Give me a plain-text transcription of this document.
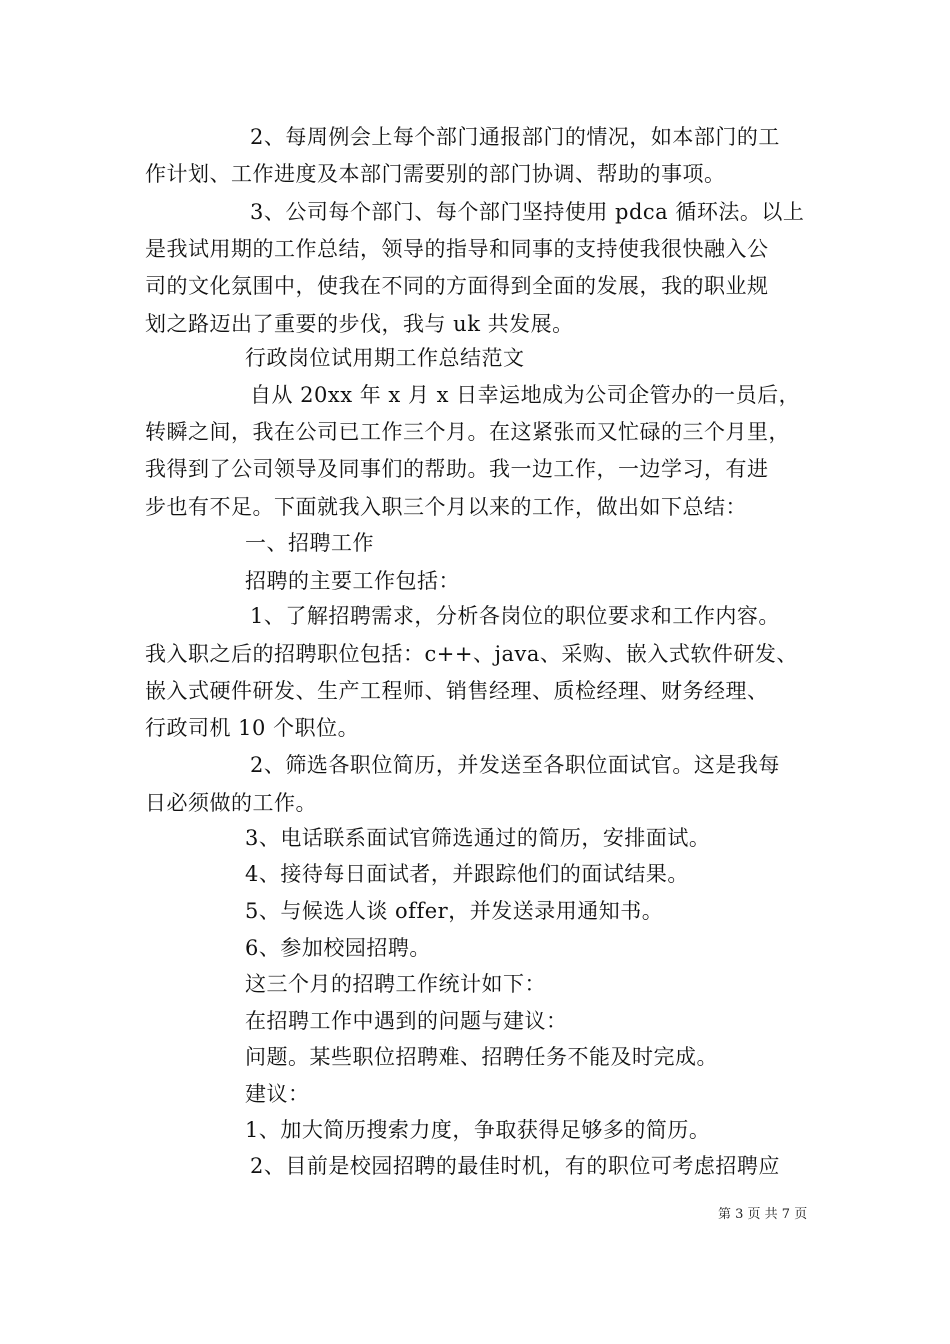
2、每周例会上每个部门通报部门的情况，如本部门的工
作计划、工作进度及本部门需要别的部门协调、帮助的事项。
3、公司每个部门、每个部门坚持使用 pdca 循环法。以上
是我试用期的工作总结，领导的指导和同事的支持使我很快融入公
司的文化氛围中，使我在不同的方面得到全面的发展，我的职业规
划之路迈出了重要的步伐，我与 uk 共发展。
行政岗位试用期工作总结范文
自从 20xx 年 x 月 x 日幸运地成为公司企管办的一员后，
转瞬之间，我在公司已工作三个月。在这紧张而又忙碌的三个月里，
我得到了公司领导及同事们的帮助。我一边工作，一边学习，有进
步也有不足。下面就我入职三个月以来的工作，做出如下总结：
一、招聘工作
招聘的主要工作包括：
1、了解招聘需求，分析各岗位的职位要求和工作内容。
我入职之后的招聘职位包括：c++、java、采购、嵌入式软件研发、
嵌入式硬件研发、生产工程师、销售经理、质检经理、财务经理、
行政司机 10 个职位。
2、筛选各职位简历，并发送至各职位面试官。这是我每
日必须做的工作。
3、电话联系面试官筛选通过的简历，安排面试。
4、接待每日面试者，并跟踪他们的面试结果。
5、与候选人谈 offer，并发送录用通知书。
6、参加校园招聘。
这三个月的招聘工作统计如下：
在招聘工作中遇到的问题与建议：
问题。某些职位招聘难、招聘任务不能及时完成。
建议：
1、加大简历搜索力度，争取获得足够多的简历。
2、目前是校园招聘的最佳时机，有的职位可考虑招聘应
第 3 页 共 7 页
